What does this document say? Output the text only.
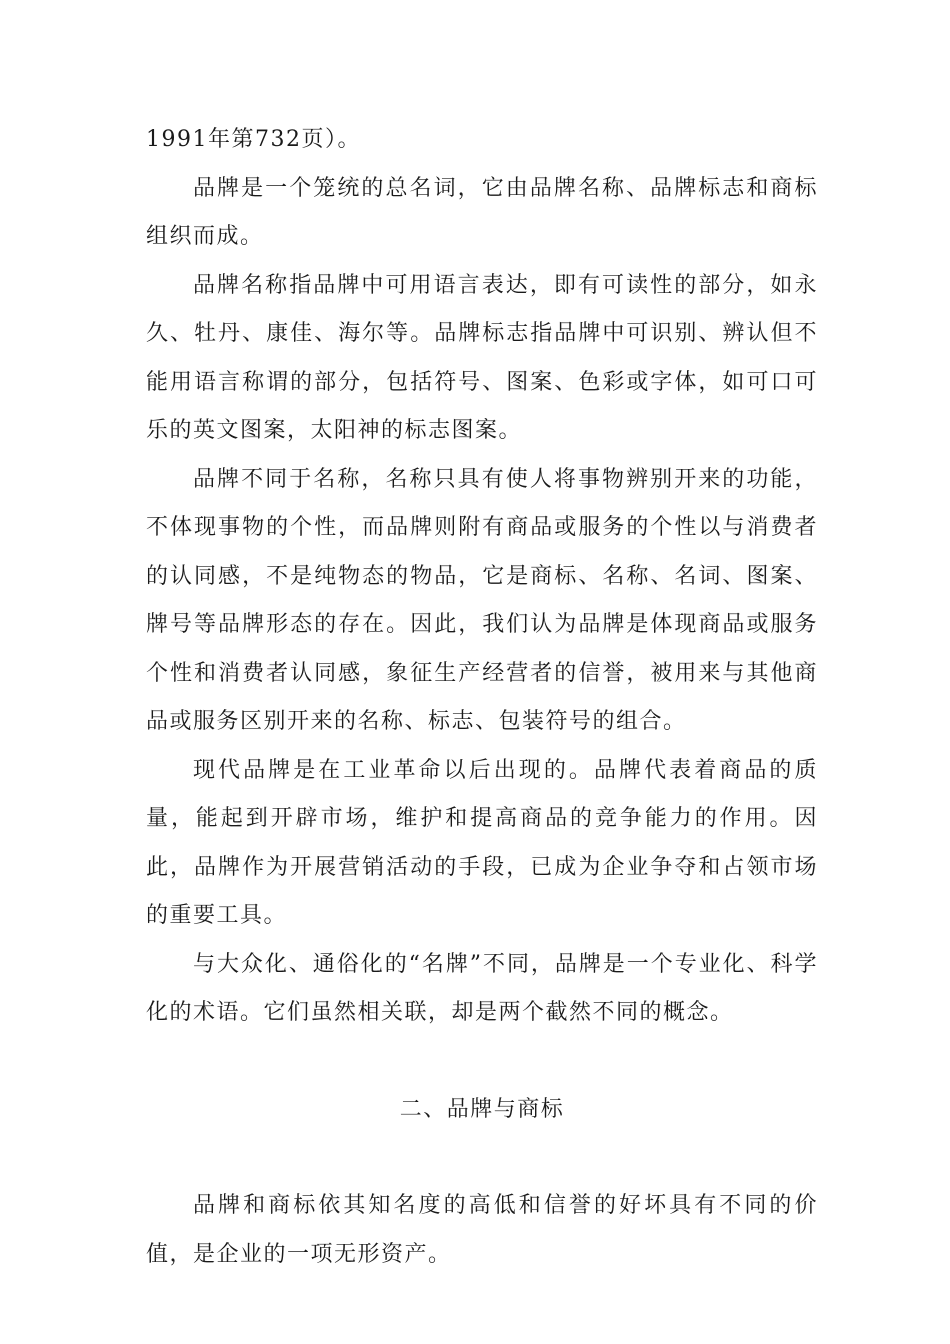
1991年第732页）。

品牌是一个笼统的总名词，它由品牌名称、品牌标志和商标组织而成。

品牌名称指品牌中可用语言表达，即有可读性的部分，如永久、牡丹、康佳、海尔等。品牌标志指品牌中可识别、辨认但不能用语言称谓的部分，包括符号、图案、色彩或字体，如可口可乐的英文图案，太阳神的标志图案。

品牌不同于名称，名称只具有使人将事物辨别开来的功能，不体现事物的个性，而品牌则附有商品或服务的个性以与消费者的认同感，不是纯物态的物品，它是商标、名称、名词、图案、牌号等品牌形态的存在。因此，我们认为品牌是体现商品或服务个性和消费者认同感，象征生产经营者的信誉，被用来与其他商品或服务区别开来的名称、标志、包装符号的组合。

现代品牌是在工业革命以后出现的。品牌代表着商品的质量，能起到开辟市场，维护和提高商品的竞争能力的作用。因此，品牌作为开展营销活动的手段，已成为企业争夺和占领市场的重要工具。

与大众化、通俗化的“名牌”不同，品牌是一个专业化、科学化的术语。它们虽然相关联，却是两个截然不同的概念。

二、品牌与商标

品牌和商标依其知名度的高低和信誉的好坏具有不同的价值，是企业的一项无形资产。
